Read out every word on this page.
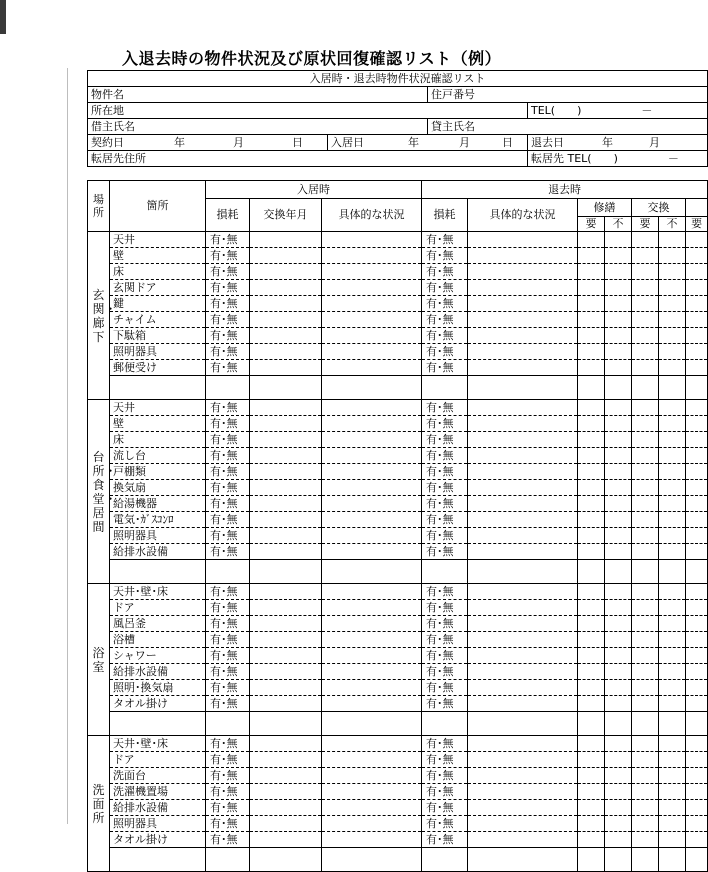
入退去時の物件状況及び原状回復確認リスト（例）
入居時・退去時物件状況確認リスト			
物件名		住戸番号	
所在地			TEL(　　) －
借主氏名		貸主氏名	
契約日 年 月 日	入居日 年 月 日		退去日 年 月
転居先住所			転居先 TEL(　　) －
場所	箇所	入居時			退去時						
		損耗	交換年月	具体的な状況	損耗	具体的な状況	修繕		交換		
							要	不	要	不	要

玄関・廊下	天井	有･無			有･無						
	壁	有･無			有･無						
	床	有･無			有･無						
	玄関ドア	有･無			有･無						
	鍵	有･無			有･無						
	チャイム	有･無			有･無						
	下駄箱	有･無			有･無						
	照明器具	有･無			有･無						
	郵便受け	有･無			有･無						

台所・食堂・居間	天井	有･無			有･無						
	壁	有･無			有･無						
	床	有･無			有･無						
	流し台	有･無			有･無						
	戸棚類	有･無			有･無						
	換気扇	有･無			有･無						
	給湯機器	有･無			有･無						
	電気･ｶﾞｽｺﾝﾛ	有･無			有･無						
	照明器具	有･無			有･無						
	給排水設備	有･無			有･無						

浴室	天井･壁･床	有･無			有･無						
	ドア	有･無			有･無						
	風呂釜	有･無			有･無						
	浴槽	有･無			有･無						
	シャワー	有･無			有･無						
	給排水設備	有･無			有･無						
	照明･換気扇	有･無			有･無						
	タオル掛け	有･無			有･無						

洗面所	天井･壁･床	有･無			有･無						
	ドア	有･無			有･無						
	洗面台	有･無			有･無						
	洗濯機置場	有･無			有･無						
	給排水設備	有･無			有･無						
	照明器具	有･無			有･無						
	タオル掛け	有･無			有･無						
